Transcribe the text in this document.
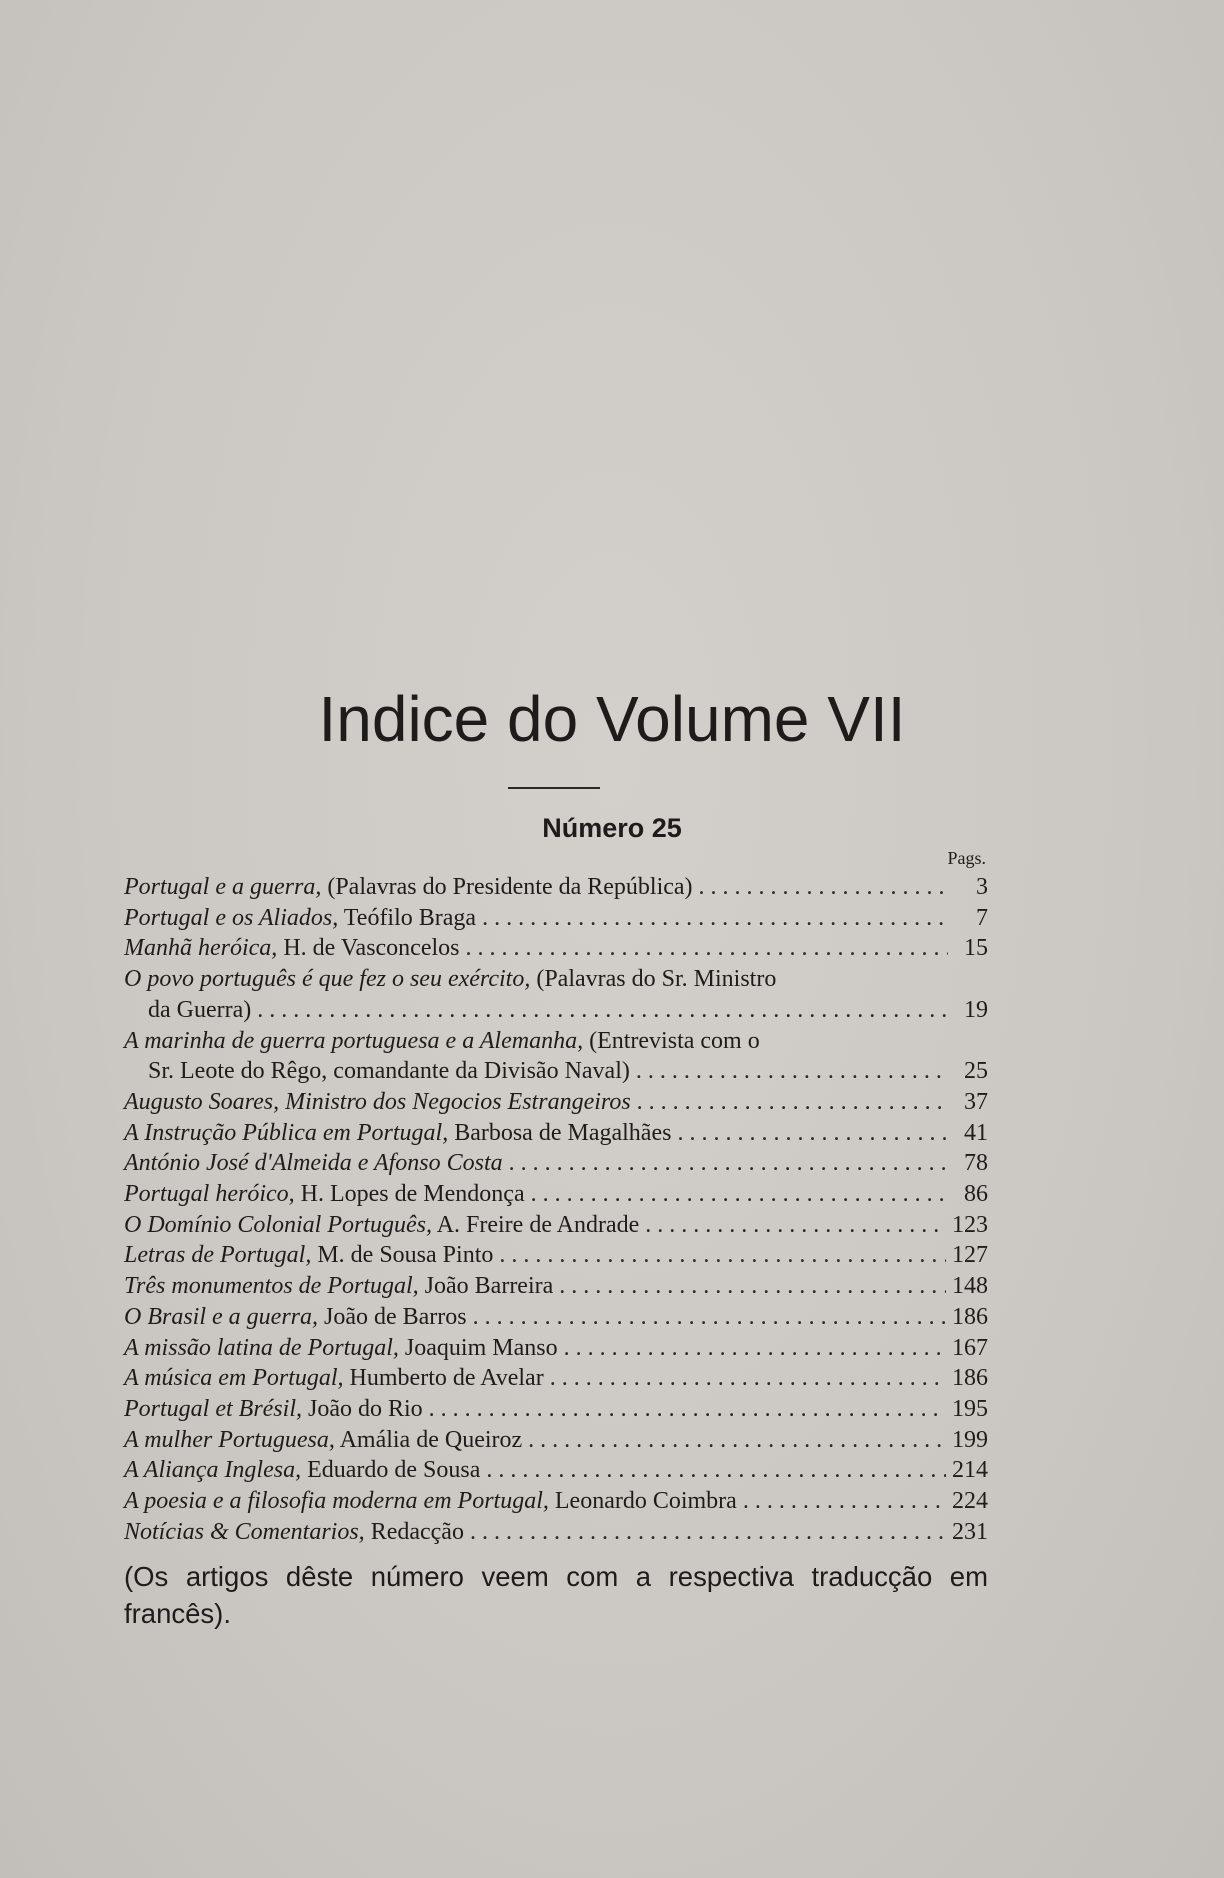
Indice do Volume VII
Número 25
Pags.
Portugal e a guerra, (Palavras do Presidente da República) . . .	3
Portugal e os Aliados, Teófilo Braga . . .	7
Manhã heróica, H. de Vasconcelos . . .	15
O povo português é que fez o seu exército, (Palavras do Sr. Ministro
da Guerra) . . .	19
A marinha de guerra portuguesa e a Alemanha, (Entrevista com o
Sr. Leote do Rêgo, comandante da Divisão Naval) . . .	25
Augusto Soares, Ministro dos Negocios Estrangeiros . . .	37
A Instrução Pública em Portugal, Barbosa de Magalhães . . .	41
António José d'Almeida e Afonso Costa . . .	78
Portugal heróico, H. Lopes de Mendonça . . .	86
O Domínio Colonial Português, A. Freire de Andrade . . .	123
Letras de Portugal, M. de Sousa Pinto . . .	127
Três monumentos de Portugal, João Barreira . . .	148
O Brasil e a guerra, João de Barros . . .	186
A missão latina de Portugal, Joaquim Manso . . .	167
A música em Portugal, Humberto de Avelar . . .	186
Portugal et Brésil, João do Rio . . .	195
A mulher Portuguesa, Amália de Queiroz . . .	199
A Aliança Inglesa, Eduardo de Sousa . . .	214
A poesia e a filosofia moderna em Portugal, Leonardo Coimbra . . .	224
Notícias & Comentarios, Redacção . . .	231
(Os artigos dêste número veem com a respectiva traducção em francês).
